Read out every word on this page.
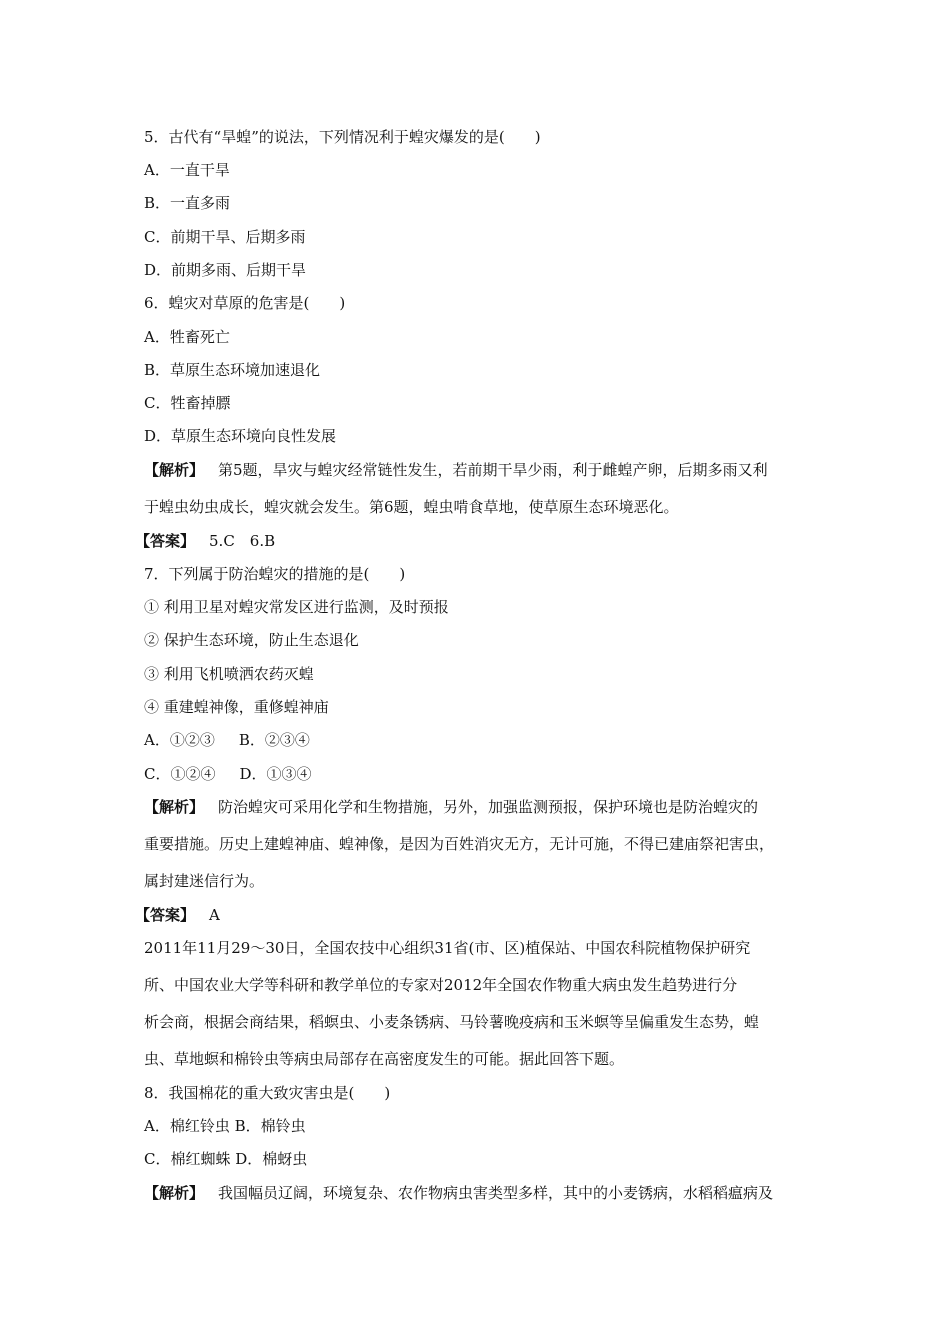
5．古代有“旱蝗”的说法，下列情况利于蝗灾爆发的是(　　)
A．一直干旱
B．一直多雨
C．前期干旱、后期多雨
D．前期多雨、后期干旱
6．蝗灾对草原的危害是(　　)
A．牲畜死亡
B．草原生态环境加速退化
C．牲畜掉膘
D．草原生态环境向良性发展
【解析】 第5题，旱灾与蝗灾经常链性发生，若前期干旱少雨，利于雌蝗产卵，后期多雨又利
于蝗虫幼虫成长，蝗灾就会发生。第6题，蝗虫啃食草地，使草原生态环境恶化。
【答案】 5.C　6.B
7．下列属于防治蝗灾的措施的是(　　)
① 利用卫星对蝗灾常发区进行监测，及时预报
② 保护生态环境，防止生态退化
③ 利用飞机喷洒农药灭蝗
④ 重建蝗神像，重修蝗神庙
A．①②③ B．②③④
C．①②④ D．①③④
【解析】 防治蝗灾可采用化学和生物措施，另外，加强监测预报，保护环境也是防治蝗灾的
重要措施。历史上建蝗神庙、蝗神像，是因为百姓消灾无方，无计可施，不得已建庙祭祀害虫，
属封建迷信行为。
【答案】 A
2011年11月29～30日，全国农技中心组织31省(市、区)植保站、中国农科院植物保护研究
所、中国农业大学等科研和教学单位的专家对2012年全国农作物重大病虫发生趋势进行分
析会商，根据会商结果，稻螟虫、小麦条锈病、马铃薯晚疫病和玉米螟等呈偏重发生态势，蝗
虫、草地螟和棉铃虫等病虫局部存在高密度发生的可能。据此回答下题。
8．我国棉花的重大致灾害虫是(　　)
A．棉红铃虫 B．棉铃虫
C．棉红蜘蛛 D．棉蚜虫
【解析】 我国幅员辽阔，环境复杂、农作物病虫害类型多样，其中的小麦锈病，水稻稻瘟病及
